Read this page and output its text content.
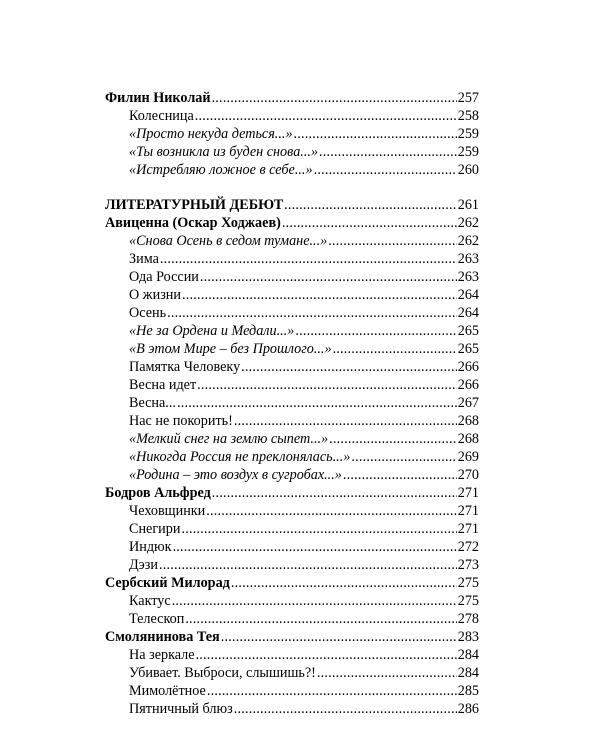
Филин Николай .....	257
Колесница .....	258
«Просто некуда деться...» .....	259
«Ты возникла из буден снова...» .....	259
«Истребляю ложное в себе...» .....	260
ЛИТЕРАТУРНЫЙ ДЕБЮТ .....	261
Авиценна (Оскар Ходжаев) .....	262
«Снова Осень в седом тумане...» .....	262
Зима .....	263
Ода России .....	263
О жизни .....	264
Осень .....	264
«Не за Ордена и Медали...» .....	265
«В этом Мире – без Прошлого...» .....	265
Памятка Человеку .....	266
Весна идет .....	266
Весна... .....	267
Нас не покорить! .....	268
«Мелкий снег на землю сыпет...» .....	268
«Никогда Россия не преклонялась...» .....	269
«Родина – это воздух в сугробах...» .....	270
Бодров Альфред .....	271
Чеховщинки .....	271
Снегири .....	271
Индюк .....	272
Дэзи .....	273
Сербский Милорад .....	275
Кактус .....	275
Телескоп .....	278
Смолянинова Тея .....	283
На зеркале .....	284
Убивает. Выброси, слышишь?! .....	284
Мимолётное .....	285
Пятничный блюз .....	286
